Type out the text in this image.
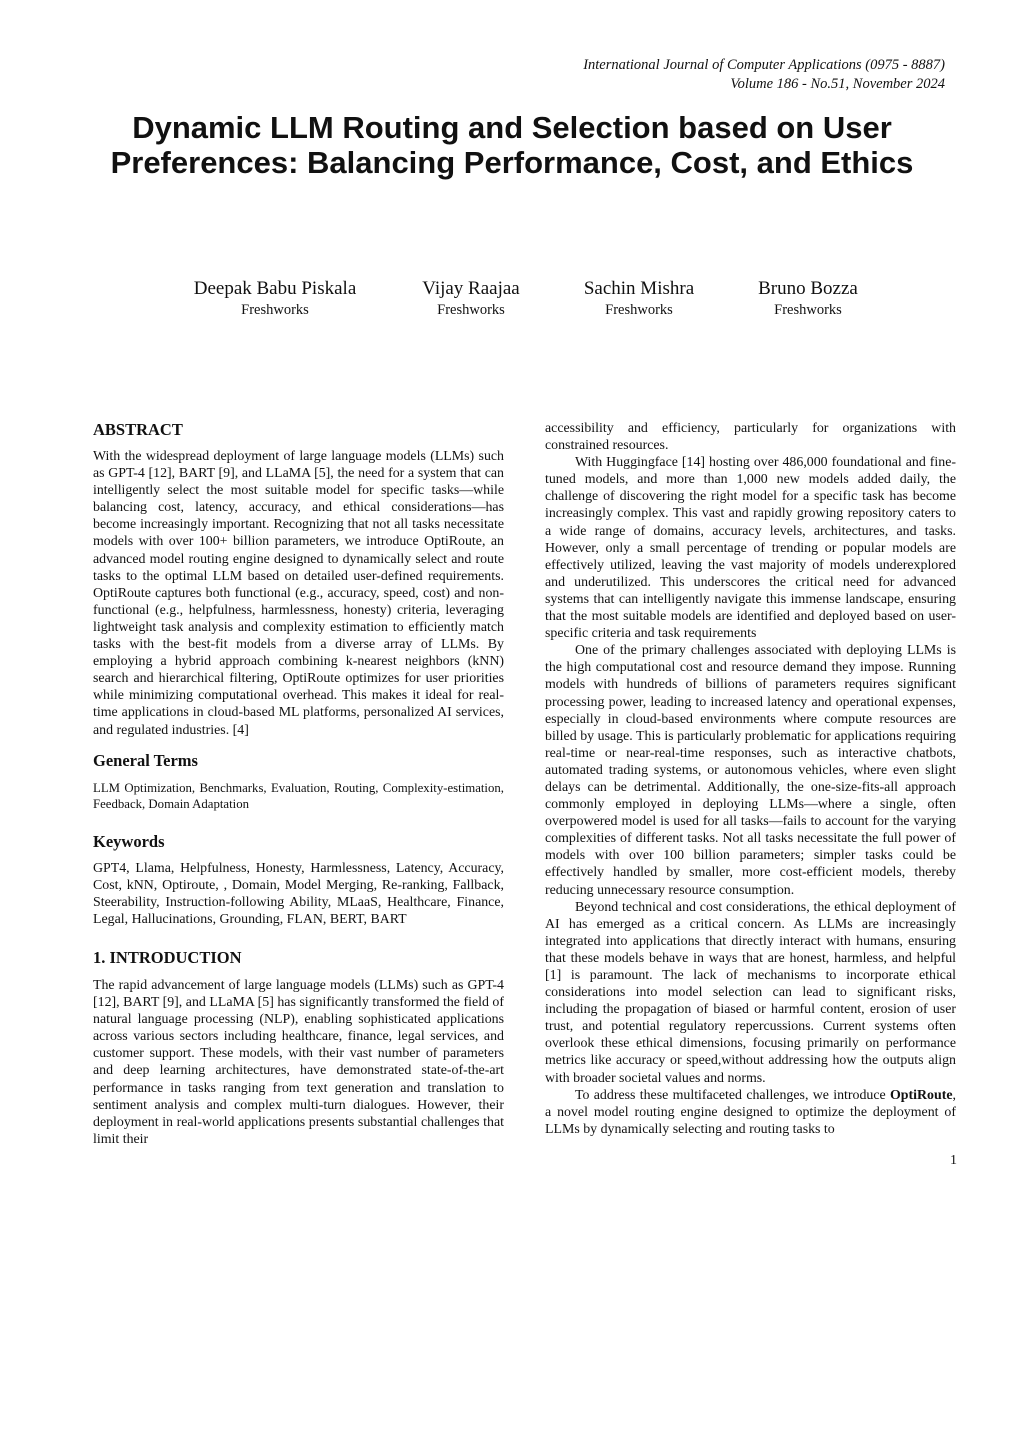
International Journal of Computer Applications (0975 - 8887)
Volume 186 - No.51, November 2024
Dynamic LLM Routing and Selection based on User
Preferences: Balancing Performance, Cost, and Ethics
Deepak Babu Piskala
Freshworks
Vijay Raajaa
Freshworks
Sachin Mishra
Freshworks
Bruno Bozza
Freshworks
ABSTRACT

With the widespread deployment of large language models (LLMs) such as GPT-4 [12], BART [9], and LLaMA [5], the need for a system that can intelligently select the most suitable model for specific tasks—while balancing cost, latency, accuracy, and ethical considerations—has become increasingly important. Recognizing that not all tasks necessitate models with over 100+ billion parameters, we introduce OptiRoute, an advanced model routing engine designed to dynamically select and route tasks to the optimal LLM based on detailed user-defined requirements. OptiRoute captures both functional (e.g., accuracy, speed, cost) and non-functional (e.g., helpfulness, harmlessness, honesty) criteria, leveraging lightweight task analysis and complexity estimation to efficiently match tasks with the best-fit models from a diverse array of LLMs. By employing a hybrid approach combining k-nearest neighbors (kNN) search and hierarchical filtering, OptiRoute optimizes for user priorities while minimizing computational overhead. This makes it ideal for real-time applications in cloud-based ML platforms, personalized AI services, and regulated industries. [4]

General Terms

LLM Optimization, Benchmarks, Evaluation, Routing, Complexity-estimation, Feedback, Domain Adaptation

Keywords

GPT4, Llama, Helpfulness, Honesty, Harmlessness, Latency, Accuracy, Cost, kNN, Optiroute, , Domain, Model Merging, Re-ranking, Fallback, Steerability, Instruction-following Ability, MLaaS, Healthcare, Finance, Legal, Hallucinations, Grounding, FLAN, BERT, BART

1. INTRODUCTION

The rapid advancement of large language models (LLMs) such as GPT-4 [12], BART [9], and LLaMA [5] has significantly transformed the field of natural language processing (NLP), enabling sophisticated applications across various sectors including healthcare, finance, legal services, and customer support. These models, with their vast number of parameters and deep learning architectures, have demonstrated state-of-the-art performance in tasks ranging from text generation and translation to sentiment analysis and complex multi-turn dialogues. However, their deployment in real-world applications presents substantial challenges that limit their

accessibility and efficiency, particularly for organizations with constrained resources.

With Huggingface [14] hosting over 486,000 foundational and fine-tuned models, and more than 1,000 new models added daily, the challenge of discovering the right model for a specific task has become increasingly complex. This vast and rapidly growing repository caters to a wide range of domains, accuracy levels, architectures, and tasks. However, only a small percentage of trending or popular models are effectively utilized, leaving the vast majority of models underexplored and underutilized. This underscores the critical need for advanced systems that can intelligently navigate this immense landscape, ensuring that the most suitable models are identified and deployed based on user-specific criteria and task requirements

One of the primary challenges associated with deploying LLMs is the high computational cost and resource demand they impose. Running models with hundreds of billions of parameters requires significant processing power, leading to increased latency and operational expenses, especially in cloud-based environments where compute resources are billed by usage. This is particularly problematic for applications requiring real-time or near-real-time responses, such as interactive chatbots, automated trading systems, or autonomous vehicles, where even slight delays can be detrimental. Additionally, the one-size-fits-all approach commonly employed in deploying LLMs—where a single, often overpowered model is used for all tasks—fails to account for the varying complexities of different tasks. Not all tasks necessitate the full power of models with over 100 billion parameters; simpler tasks could be effectively handled by smaller, more cost-efficient models, thereby reducing unnecessary resource consumption.

Beyond technical and cost considerations, the ethical deployment of AI has emerged as a critical concern. As LLMs are increasingly integrated into applications that directly interact with humans, ensuring that these models behave in ways that are honest, harmless, and helpful [1] is paramount. The lack of mechanisms to incorporate ethical considerations into model selection can lead to significant risks, including the propagation of biased or harmful content, erosion of user trust, and potential regulatory repercussions. Current systems often overlook these ethical dimensions, focusing primarily on performance metrics like accuracy or speed,without addressing how the outputs align with broader societal values and norms.

To address these multifaceted challenges, we introduce OptiRoute, a novel model routing engine designed to optimize the deployment of LLMs by dynamically selecting and routing tasks to

1
